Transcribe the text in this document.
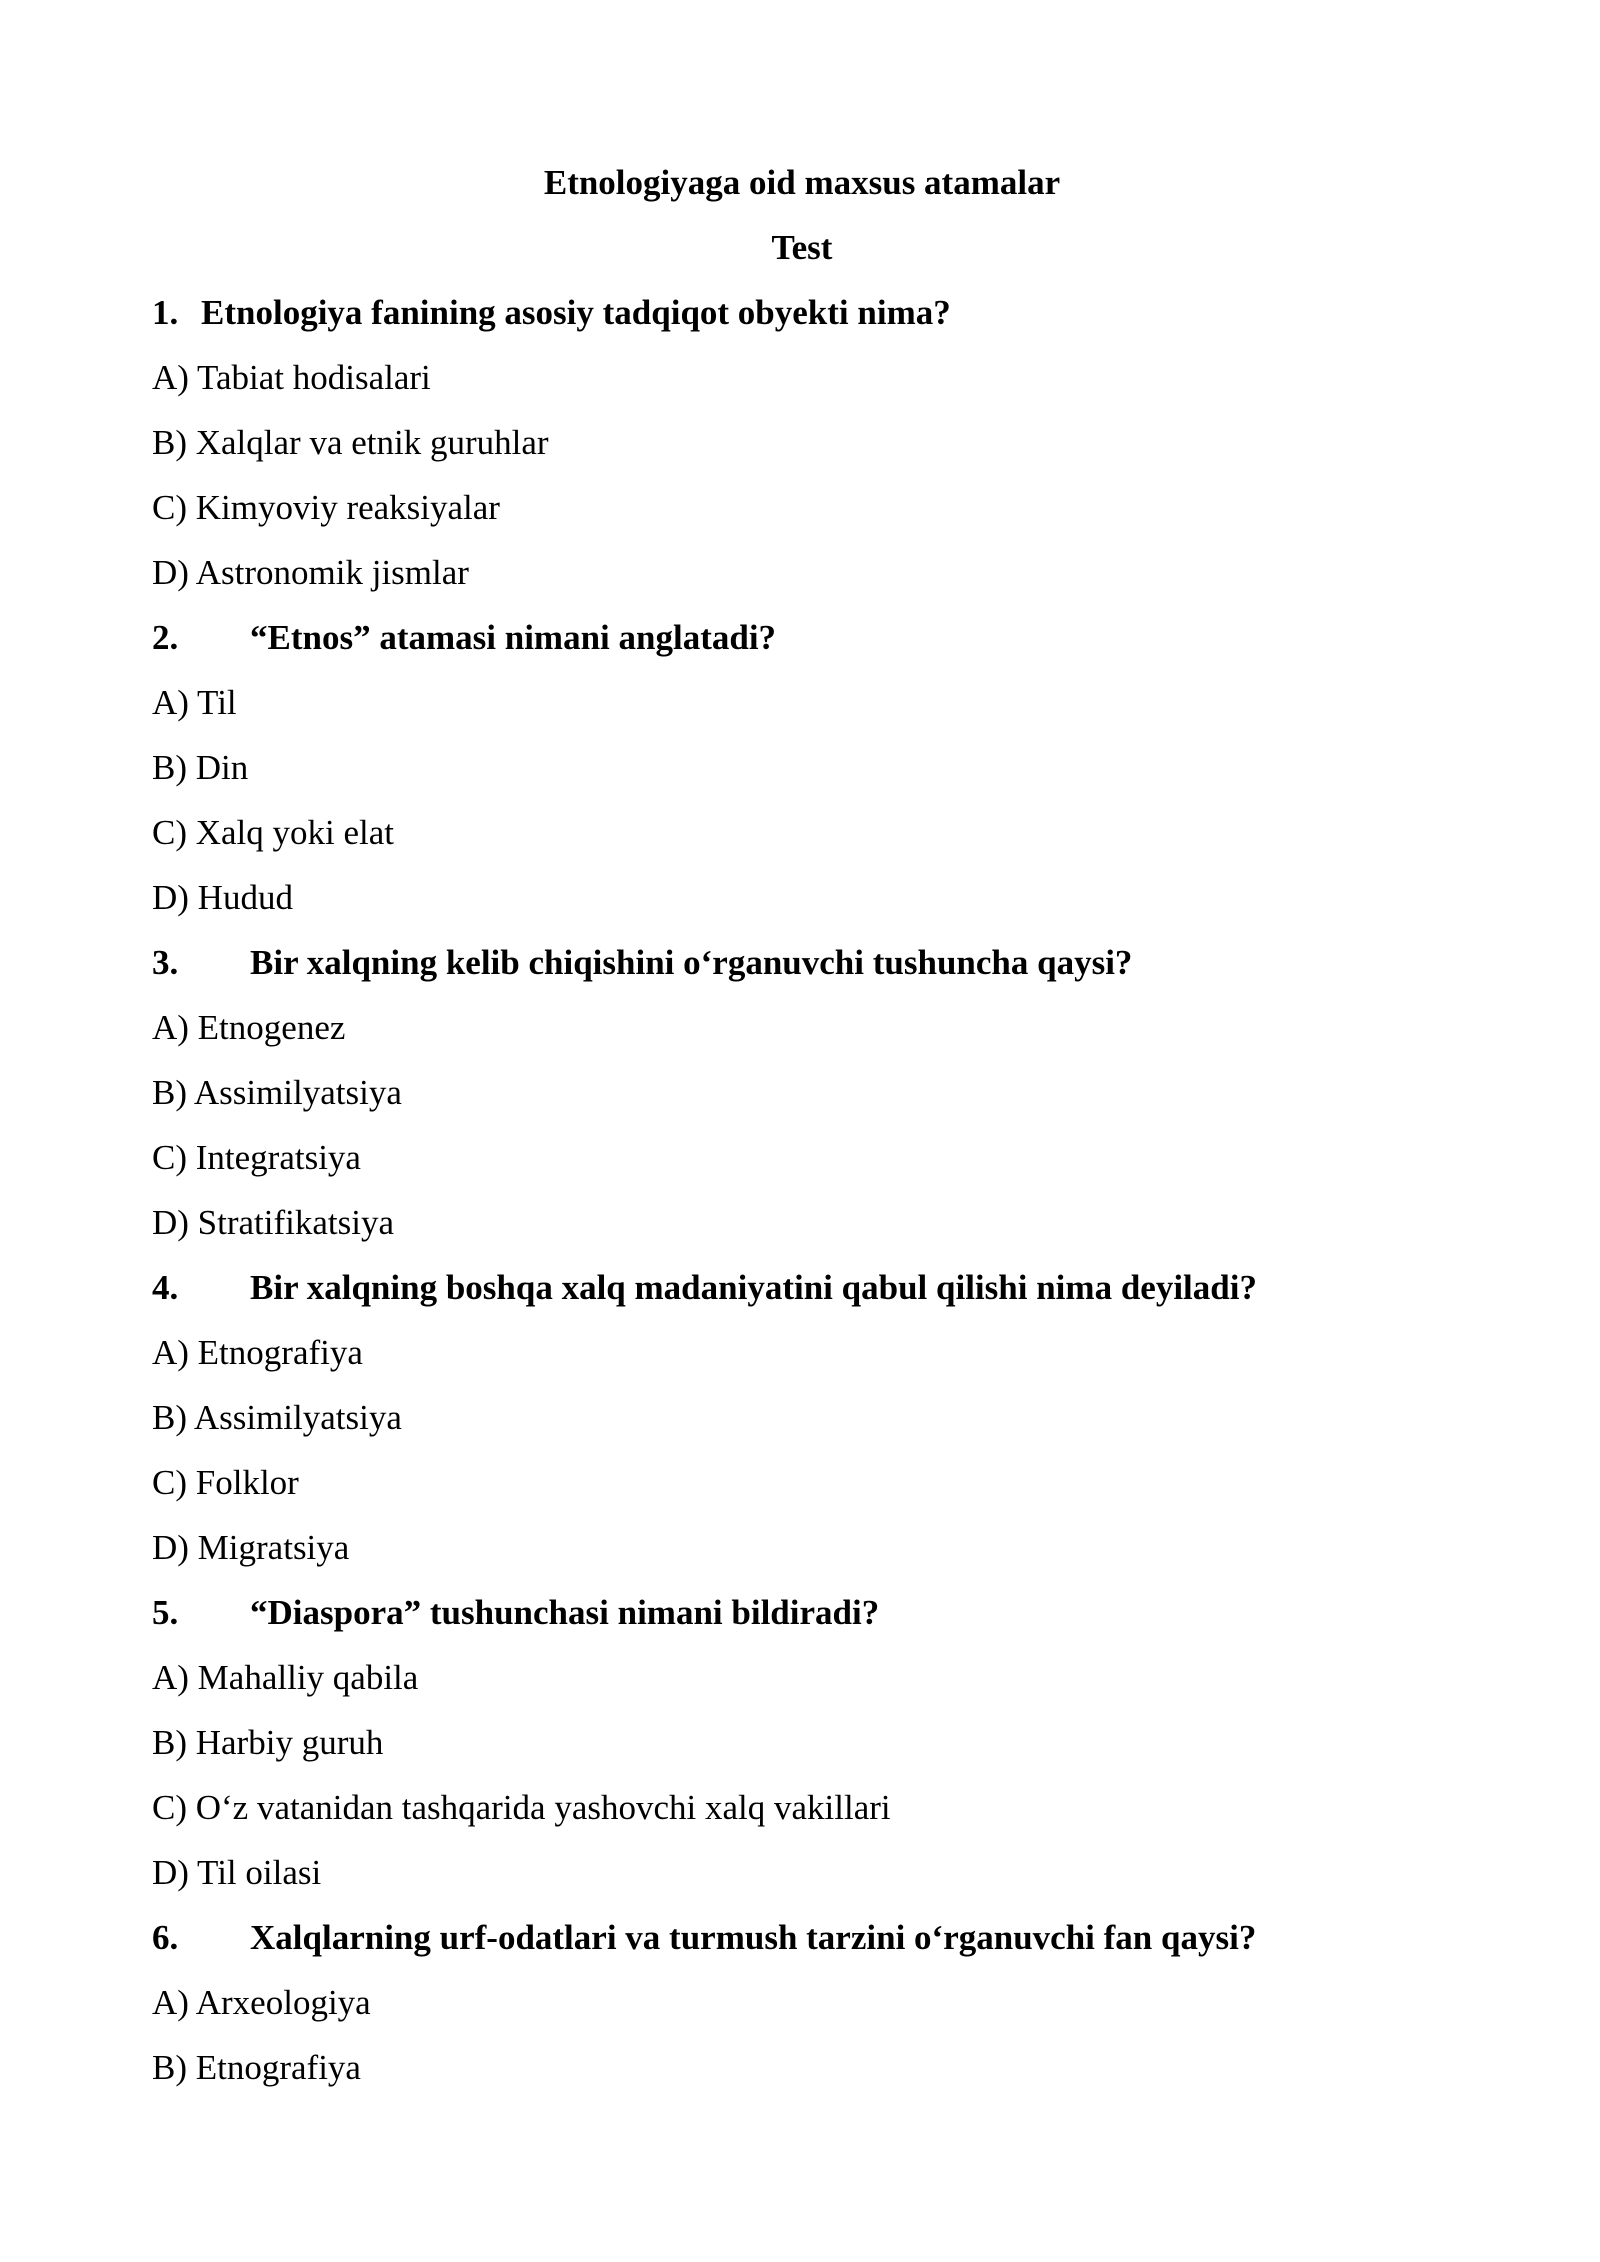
Etnologiyaga oid maxsus atamalar
Test
1. Etnologiya fanining asosiy tadqiqot obyekti nima?
A) Tabiat hodisalari
B) Xalqlar va etnik guruhlar
C) Kimyoviy reaksiyalar
D) Astronomik jismlar
2. “Etnos” atamasi nimani anglatadi?
A) Til
B) Din
C) Xalq yoki elat
D) Hudud
3. Bir xalqning kelib chiqishini o‘rganuvchi tushuncha qaysi?
A) Etnogenez
B) Assimilyatsiya
C) Integratsiya
D) Stratifikatsiya
4. Bir xalqning boshqa xalq madaniyatini qabul qilishi nima deyiladi?
A) Etnografiya
B) Assimilyatsiya
C) Folklor
D) Migratsiya
5. “Diaspora” tushunchasi nimani bildiradi?
A) Mahalliy qabila
B) Harbiy guruh
C) O‘z vatanidan tashqarida yashovchi xalq vakillari
D) Til oilasi
6. Xalqlarning urf-odatlari va turmush tarzini o‘rganuvchi fan qaysi?
A) Arxeologiya
B) Etnografiya
